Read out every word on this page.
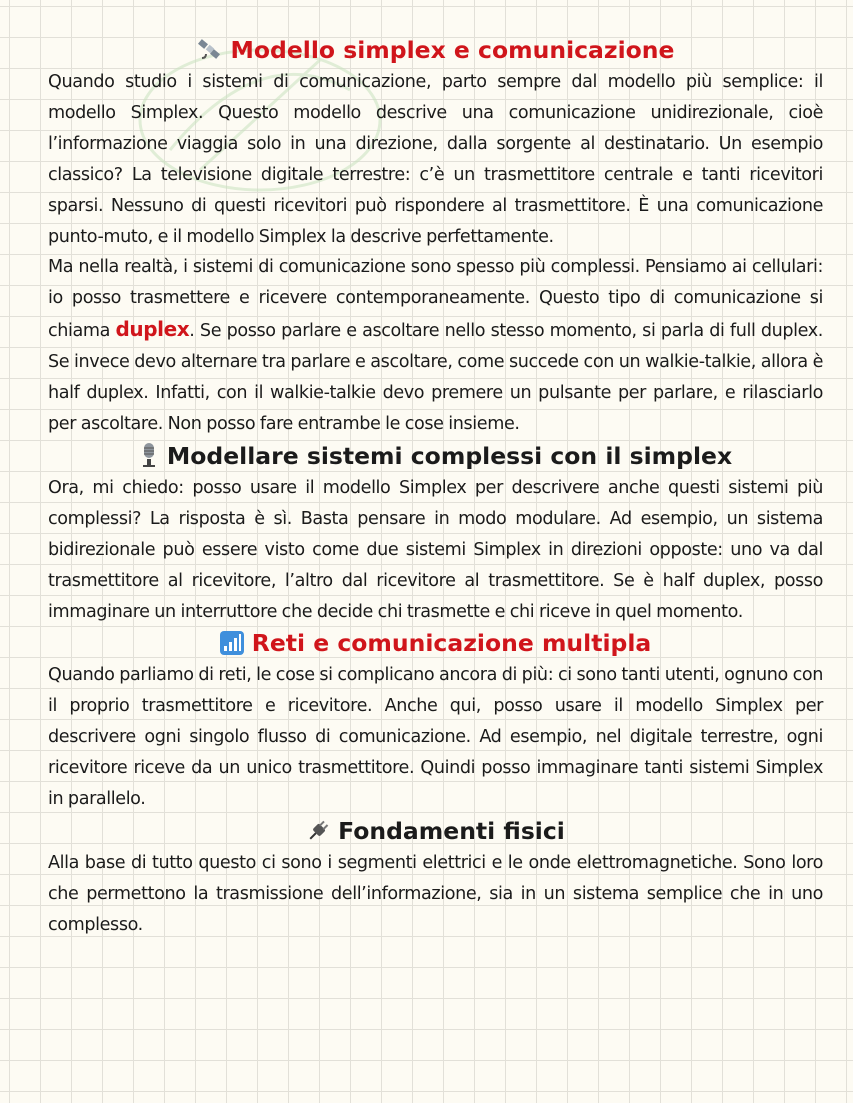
Modello simplex e comunicazione

Quando studio i sistemi di comunicazione, parto sempre dal modello più semplice: il modello Simplex. Questo modello descrive una comunicazione unidirezionale, cioè l’informazione viaggia solo in una direzione, dalla sorgente al destinatario. Un esempio classico? La televisione digitale terrestre: c’è un trasmettitore centrale e tanti ricevitori sparsi. Nessuno di questi ricevitori può rispondere al trasmettitore. È una comunicazione punto-muto, e il modello Simplex la descrive perfettamente.

Ma nella realtà, i sistemi di comunicazione sono spesso più complessi. Pensiamo ai cellulari: io posso trasmettere e ricevere contemporaneamente. Questo tipo di comunicazione si chiama duplex. Se posso parlare e ascoltare nello stesso momento, si parla di full duplex. Se invece devo alternare tra parlare e ascoltare, come succede con un walkie-talkie, allora è half duplex. Infatti, con il walkie-talkie devo premere un pulsante per parlare, e rilasciarlo per ascoltare. Non posso fare entrambe le cose insieme.

Modellare sistemi complessi con il simplex

Ora, mi chiedo: posso usare il modello Simplex per descrivere anche questi sistemi più complessi? La risposta è sì. Basta pensare in modo modulare. Ad esempio, un sistema bidirezionale può essere visto come due sistemi Simplex in direzioni opposte: uno va dal trasmettitore al ricevitore, l’altro dal ricevitore al trasmettitore. Se è half duplex, posso immaginare un interruttore che decide chi trasmette e chi riceve in quel momento.

Reti e comunicazione multipla

Quando parliamo di reti, le cose si complicano ancora di più: ci sono tanti utenti, ognuno con il proprio trasmettitore e ricevitore. Anche qui, posso usare il modello Simplex per descrivere ogni singolo flusso di comunicazione. Ad esempio, nel digitale terrestre, ogni ricevitore riceve da un unico trasmettitore. Quindi posso immaginare tanti sistemi Simplex in parallelo.

Fondamenti fisici

Alla base di tutto questo ci sono i segmenti elettrici e le onde elettromagnetiche. Sono loro che permettono la trasmissione dell’informazione, sia in un sistema semplice che in uno complesso.
